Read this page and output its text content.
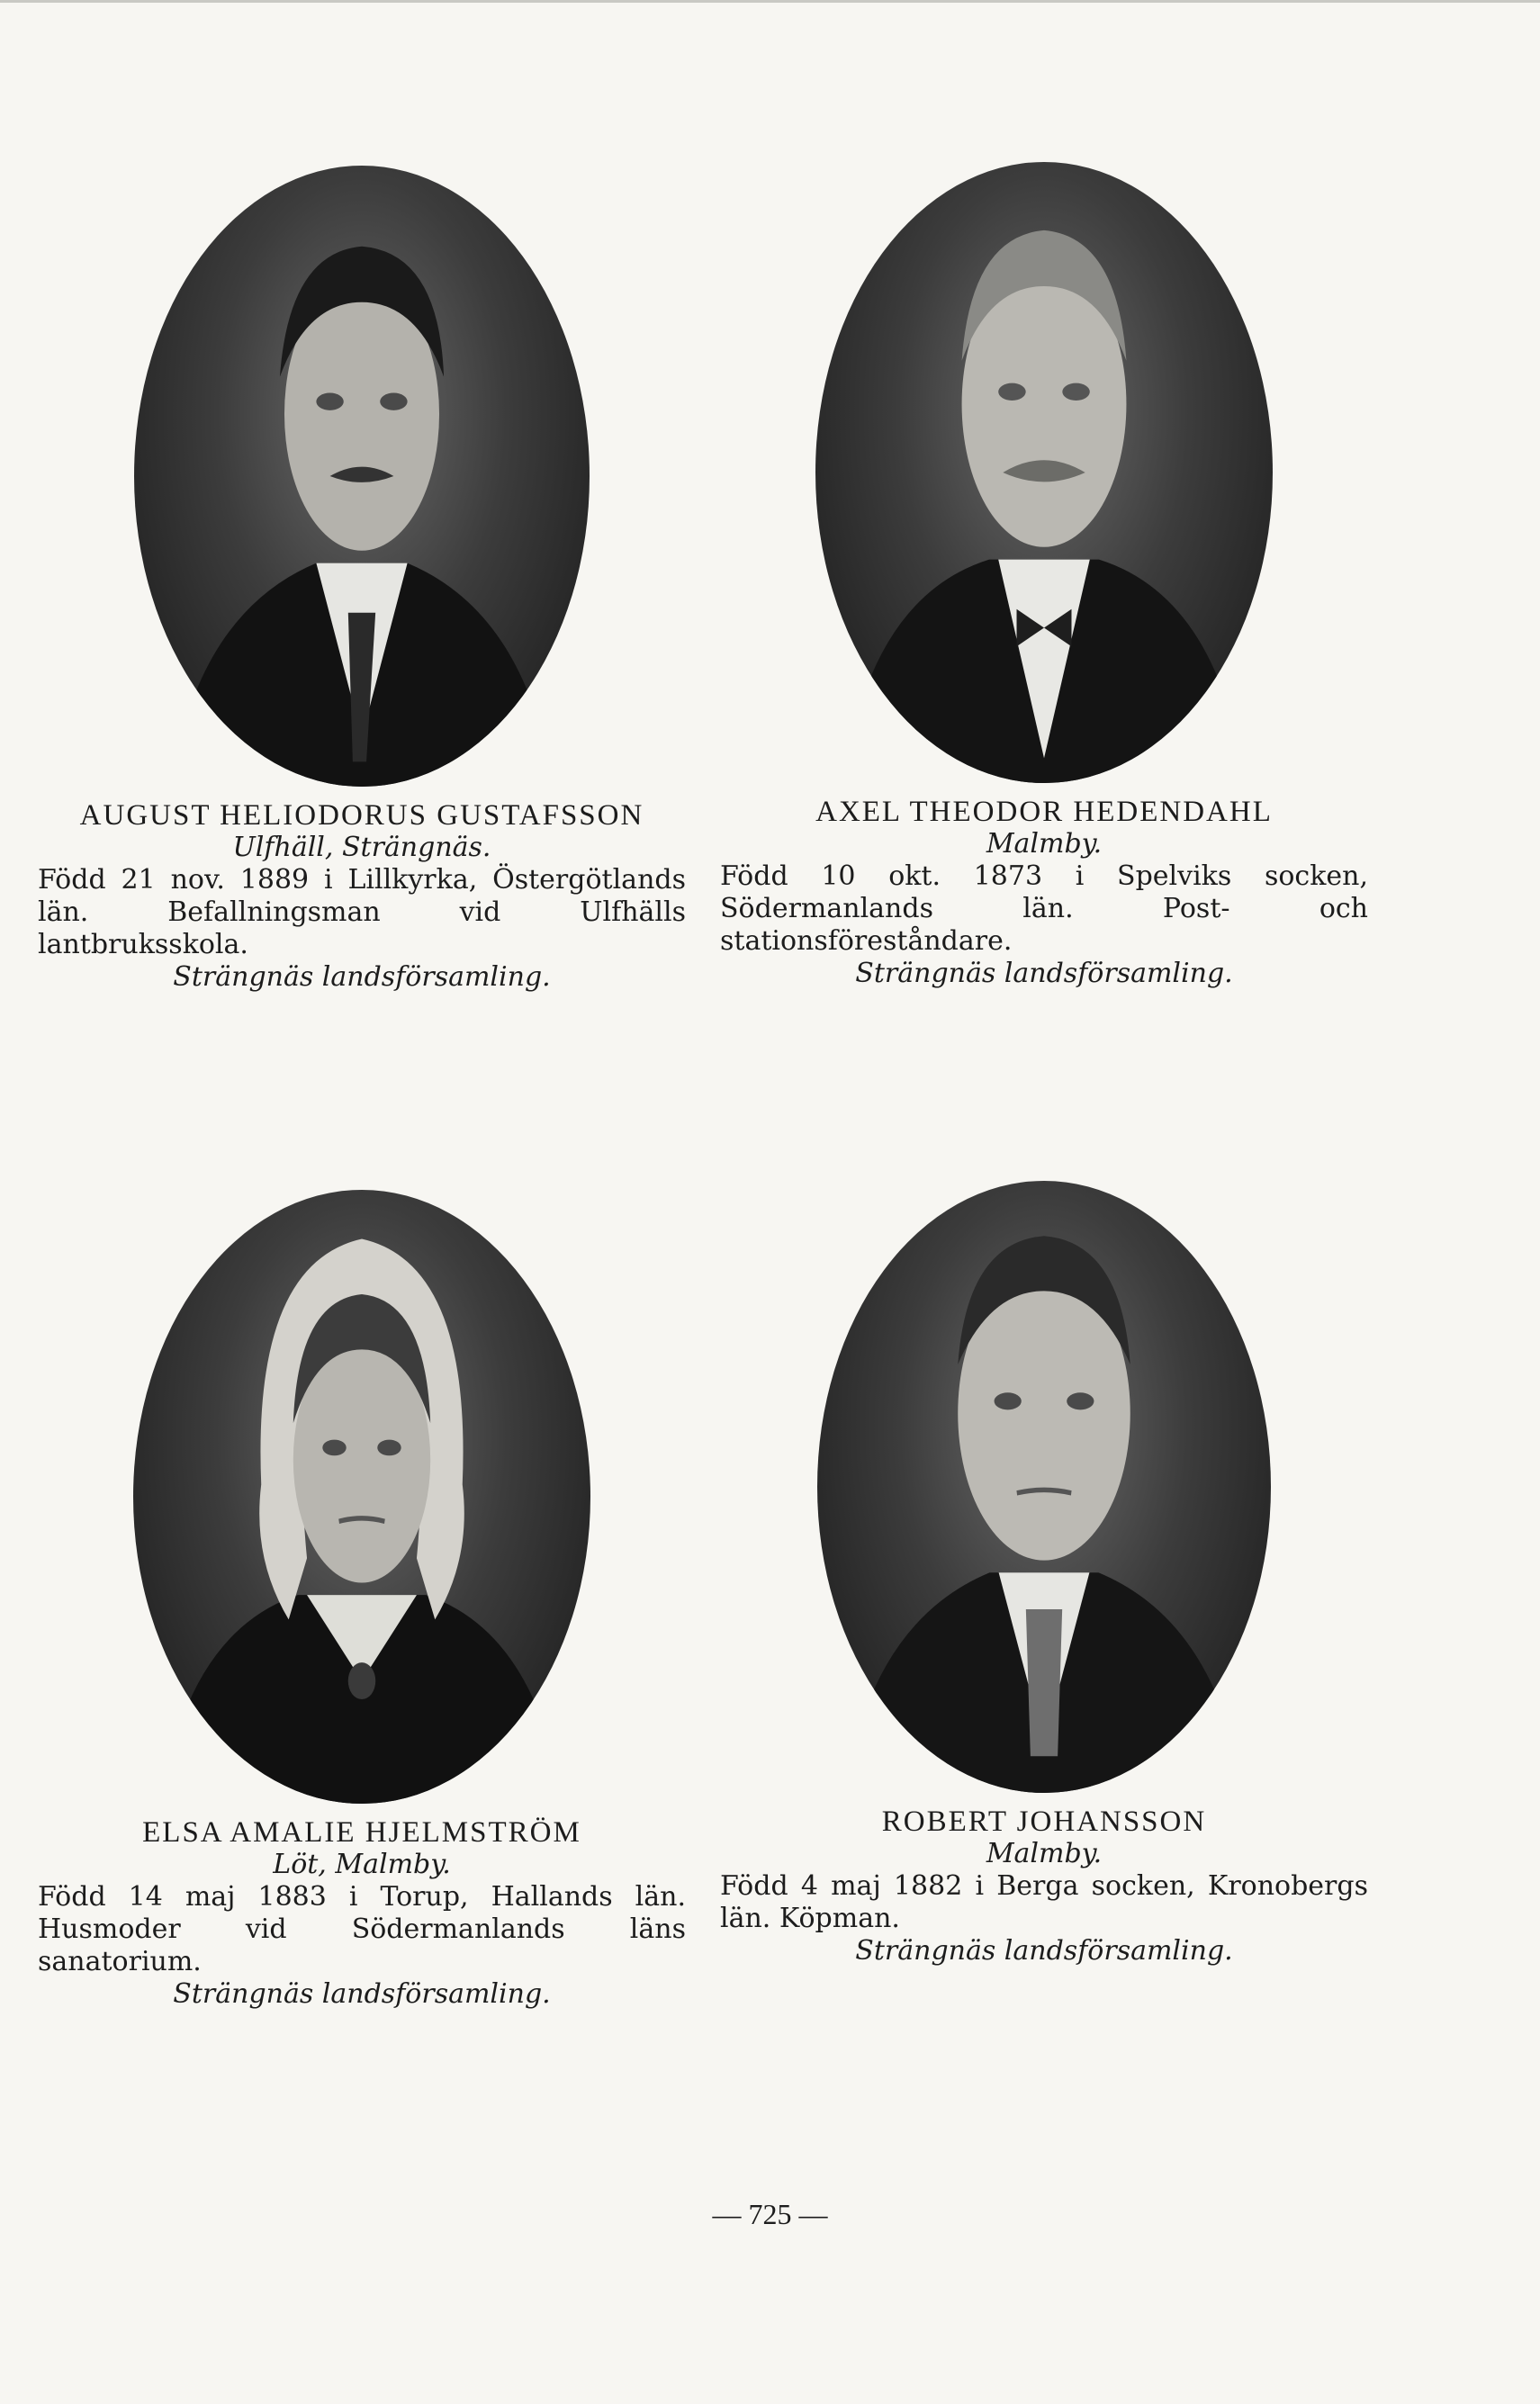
AUGUST HELIODORUS GUSTAFSSON
Ulfhäll, Strängnäs.
Född 21 nov. 1889 i Lillkyrka, Östergötlands län. Befallningsman vid Ulfhälls lantbruksskola.
Strängnäs landsförsamling.
AXEL THEODOR HEDENDAHL
Malmby.
Född 10 okt. 1873 i Spelviks socken, Södermanlands län. Post- och stationsföreståndare.
Strängnäs landsförsamling.
ELSA AMALIE HJELMSTRÖM
Löt, Malmby.
Född 14 maj 1883 i Torup, Hallands län. Husmoder vid Södermanlands läns sanatorium.
Strängnäs landsförsamling.
ROBERT JOHANSSON
Malmby.
Född 4 maj 1882 i Berga socken, Kronobergs län. Köpman.
Strängnäs landsförsamling.
— 725 —
